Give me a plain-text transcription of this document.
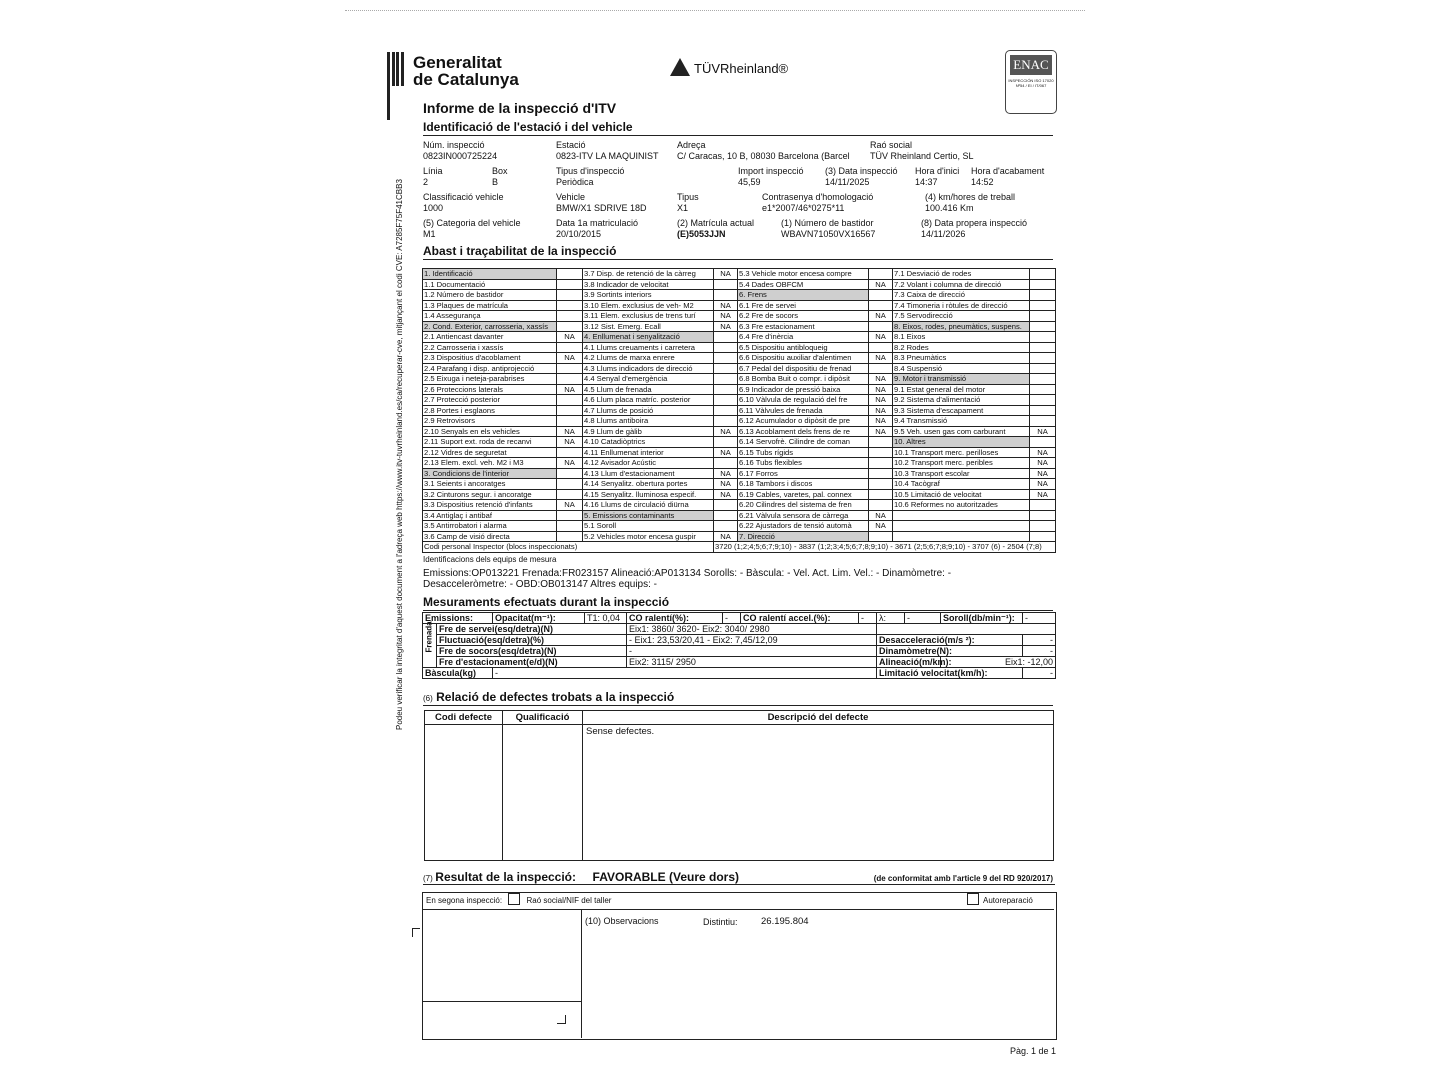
Podeu verificar la integritat d'aquest document a l'adreça web https://www.itv-tuvrheinland.es/ca/recuperar-cve, mitjançant el codi CVE: A7285F75F41CBB3
Generalitat
de Catalunya
TÜVRheinland®	ENAC
INSPECCIÓN ISO 17020 Nº54 / EI / IT/067
Informe de la inspecció d'ITV
Identificació de l'estació i del vehicle
Núm. inspecció
0823IN000725224
Estació
0823-ITV LA MAQUINIST
Adreça
C/ Caracas, 10 B, 08030 Barcelona (Barcel
Raó social
TÜV Rheinland Certio, SL
Línia
2
Box
B
Tipus d'inspecció
Periòdica
Import inspecció
45,59
(3) Data inspecció
14/11/2025
Hora d'inici
14:37
Hora d'acabament
14:52
Classificació vehicle
1000
Vehicle
BMW/X1 SDRIVE 18D
Tipus
X1
Contrasenya d'homologació
e1*2007/46*0275*11
(4) km/hores de treball
100.416 Km
(5) Categoria del vehicle
M1
Data 1a matriculació
20/10/2015
(2) Matrícula actual
(E)5053JJN
(1) Número de bastidor
WBAVN71050VX16567
(8) Data propera inspecció
14/11/2026
Abast i traçabilitat de la inspecció
1. Identificació		3.7 Disp. de retenció de la càrreg	NA	5.3 Vehicle motor encesa compre		7.1 Desviació de rodes	
1.1 Documentació		3.8 Indicador de velocitat		5.4 Dades OBFCM	NA	7.2 Volant i columna de direcció	
1.2 Número de bastidor		3.9 Sortints interiors		6. Frens		7.3 Caixa de direcció	
1.3 Plaques de matrícula		3.10 Elem. exclusius de veh- M2	NA	6.1 Fre de servei		7.4 Timoneria i ròtules de direcció	
1.4 Assegurança		3.11 Elem. exclusius de trens turí	NA	6.2 Fre de socors	NA	7.5 Servodirecció	
2. Cond. Exterior, carrosseria, xassís		3.12 Sist. Emerg. Ecall	NA	6.3 Fre estacionament		8. Eixos, rodes, pneumàtics, suspens.	
2.1 Antiencast davanter	NA	4. Enllumenat i senyalització		6.4 Fre d'inèrcia	NA	8.1 Eixos	
2.2 Carrosseria i xassís		4.1 Llums creuaments i carretera		6.5 Dispositiu antibloqueig		8.2 Rodes	
2.3 Dispositius d'acoblament	NA	4.2 Llums de marxa enrere		6.6 Dispositiu auxiliar d'alentimen	NA	8.3 Pneumàtics	
2.4 Parafang i disp. antiprojecció		4.3 Llums indicadors de direcció		6.7 Pedal del dispositiu de frenad		8.4 Suspensió	
2.5 Eixuga i neteja-parabrises		4.4 Senyal d'emergència		6.8 Bomba Buit o compr. i dipòsit	NA	9. Motor i transmissió	
2.6 Proteccions laterals	NA	4.5 Llum de frenada		6.9 Indicador de pressió baixa	NA	9.1 Estat general del motor	
2.7 Protecció posterior		4.6 Llum placa matríc. posterior		6.10 Vàlvula de regulació del fre	NA	9.2 Sistema d'alimentació	
2.8 Portes i esglaons		4.7 Llums de posició		6.11 Vàlvules de frenada	NA	9.3 Sistema d'escapament	
2.9 Retrovisors		4.8 Llums antiboira		6.12 Acumulador o dipòsit de pre	NA	9.4 Transmissió	
2.10 Senyals en els vehicles	NA	4.9 Llum de gàlib	NA	6.13 Acoblament dels frens de re	NA	9.5 Veh. usen gas com carburant	NA
2.11 Suport ext. roda de recanvi	NA	4.10 Catadiòptrics		6.14 Servofrè. Cilindre de coman		10. Altres	
2.12 Vidres de seguretat		4.11 Enllumenat interior	NA	6.15 Tubs rígids		10.1 Transport merc. perilloses	NA
2.13 Elem. excl. veh. M2 i M3	NA	4.12 Avisador Acústic		6.16 Tubs flexibles		10.2 Transport merc. peribles	NA
3. Condicions de l'interior		4.13 Llum d'estacionament	NA	6.17 Forros		10.3 Transport escolar	NA
3.1 Seients i ancoratges		4.14 Senyalitz. obertura portes	NA	6.18 Tambors i discos		10.4 Tacògraf	NA
3.2 Cinturons segur. i ancoratge		4.15 Senyalitz. lluminosa especif.	NA	6.19 Cables, varetes, pal. connex		10.5 Limitació de velocitat	NA
3.3 Dispositius retenció d'infants	NA	4.16 Llums de circulació diürna		6.20 Cilindres del sistema de fren		10.6 Reformes no autoritzades	
3.4 Antiglaç i antibaf		5. Emissions contaminants		6.21 Vàlvula sensora de càrrega	NA		
3.5 Antirrobatori i alarma		5.1 Soroll		6.22 Ajustadors de tensió automà	NA		
3.6 Camp de visió directa		5.2 Vehicles motor encesa guspir	NA	7. Direcció			
Codi personal Inspector (blocs inspeccionats)			3720 (1;2;4;5;6;7;9;10) - 3837 (1;2;3;4;5;6;7;8;9;10) - 3671 (2;5;6;7;8;9;10) - 3707 (6) - 2504 (7;8)				
Identificacions dels equips de mesura
Emissions:OP013221 Frenada:FR023157 Alineació:AP013134 Sorolls: - Bàscula: - Vel. Act. Lim. Vel.: - Dinamòmetre: -
Desacceleròmetre: - OBD:OB013147 Altres equips: -
Mesuraments efectuats durant la inspecció
Emissions:		Opacitat(m⁻¹):	T1: 0,04	CO ralentí(%):	-	CO ralentí accel.(%):	-	λ:	-	Soroll(db/min⁻¹):	-

Frenada	Fre de servei(esq/detra)(N)			Eix1: 3860/ 3620- Eix2: 3040/ 2980							
	Fluctuació(esq/detra)(%)			- Eix1: 23,53/20,41 - Eix2: 7,45/12,09				Desacceleració(m/s ²):			-
	Fre de socors(esq/detra)(N)			-				Dinamòmetre(N):			-
	Fre d'estacionament(e/d)(N)			Eix2: 3115/ 2950				Alineació(m/km):		Eix1: -12,00	
Bàscula(kg)		-						Limitació velocitat(km/h):			-
(6) Relació de defectes trobats a la inspecció
Codi defecte	Qualificació	Descripció del defecte
		Sense defectes.
(7) Resultat de la inspecció: FAVORABLE (Veure dors)	(de conformitat amb l'article 9 del RD 920/2017)
En segona inspecció:	Raó social/NIF del taller	Autoreparació
(10) Observacions	Distintiu: 26.195.804
Pàg. 1 de 1
